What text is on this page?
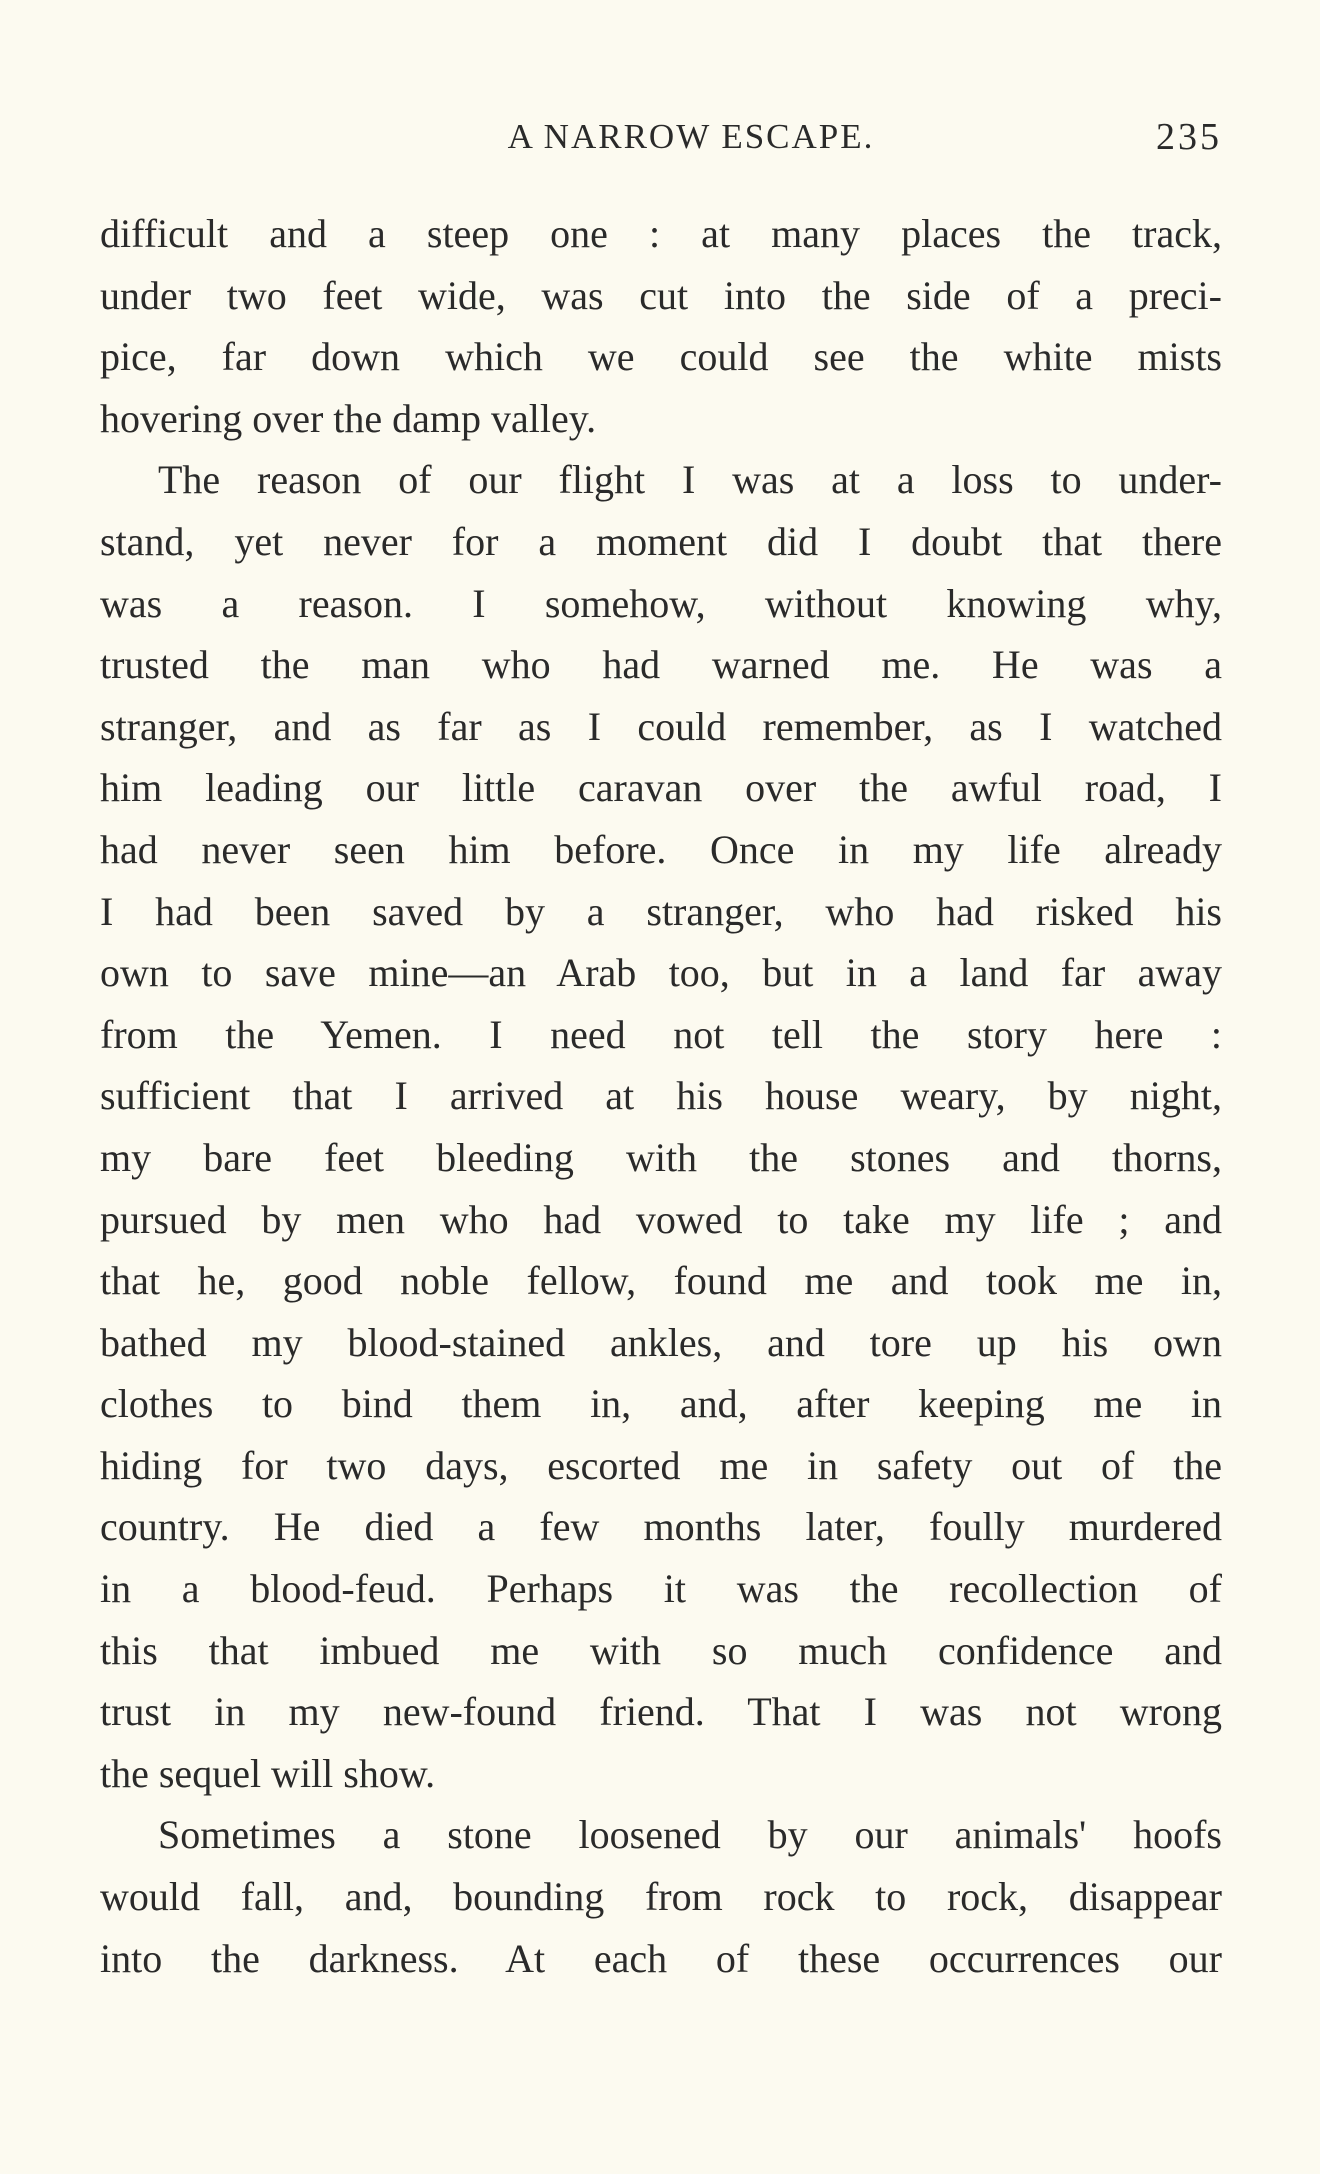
A NARROW ESCAPE.	235
difficult and a steep one : at many places the track,
under two feet wide, was cut into the side of a preci-
pice, far down which we could see the white mists
hovering over the damp valley.
The reason of our flight I was at a loss to under-
stand, yet never for a moment did I doubt that there
was a reason. I somehow, without knowing why,
trusted the man who had warned me. He was a
stranger, and as far as I could remember, as I watched
him leading our little caravan over the awful road, I
had never seen him before. Once in my life already
I had been saved by a stranger, who had risked his
own to save mine—an Arab too, but in a land far away
from the Yemen. I need not tell the story here :
sufficient that I arrived at his house weary, by night,
my bare feet bleeding with the stones and thorns,
pursued by men who had vowed to take my life ; and
that he, good noble fellow, found me and took me in,
bathed my blood-stained ankles, and tore up his own
clothes to bind them in, and, after keeping me in
hiding for two days, escorted me in safety out of the
country. He died a few months later, foully murdered
in a blood-feud. Perhaps it was the recollection of
this that imbued me with so much confidence and
trust in my new-found friend. That I was not wrong
the sequel will show.
Sometimes a stone loosened by our animals' hoofs
would fall, and, bounding from rock to rock, disappear
into the darkness. At each of these occurrences our
